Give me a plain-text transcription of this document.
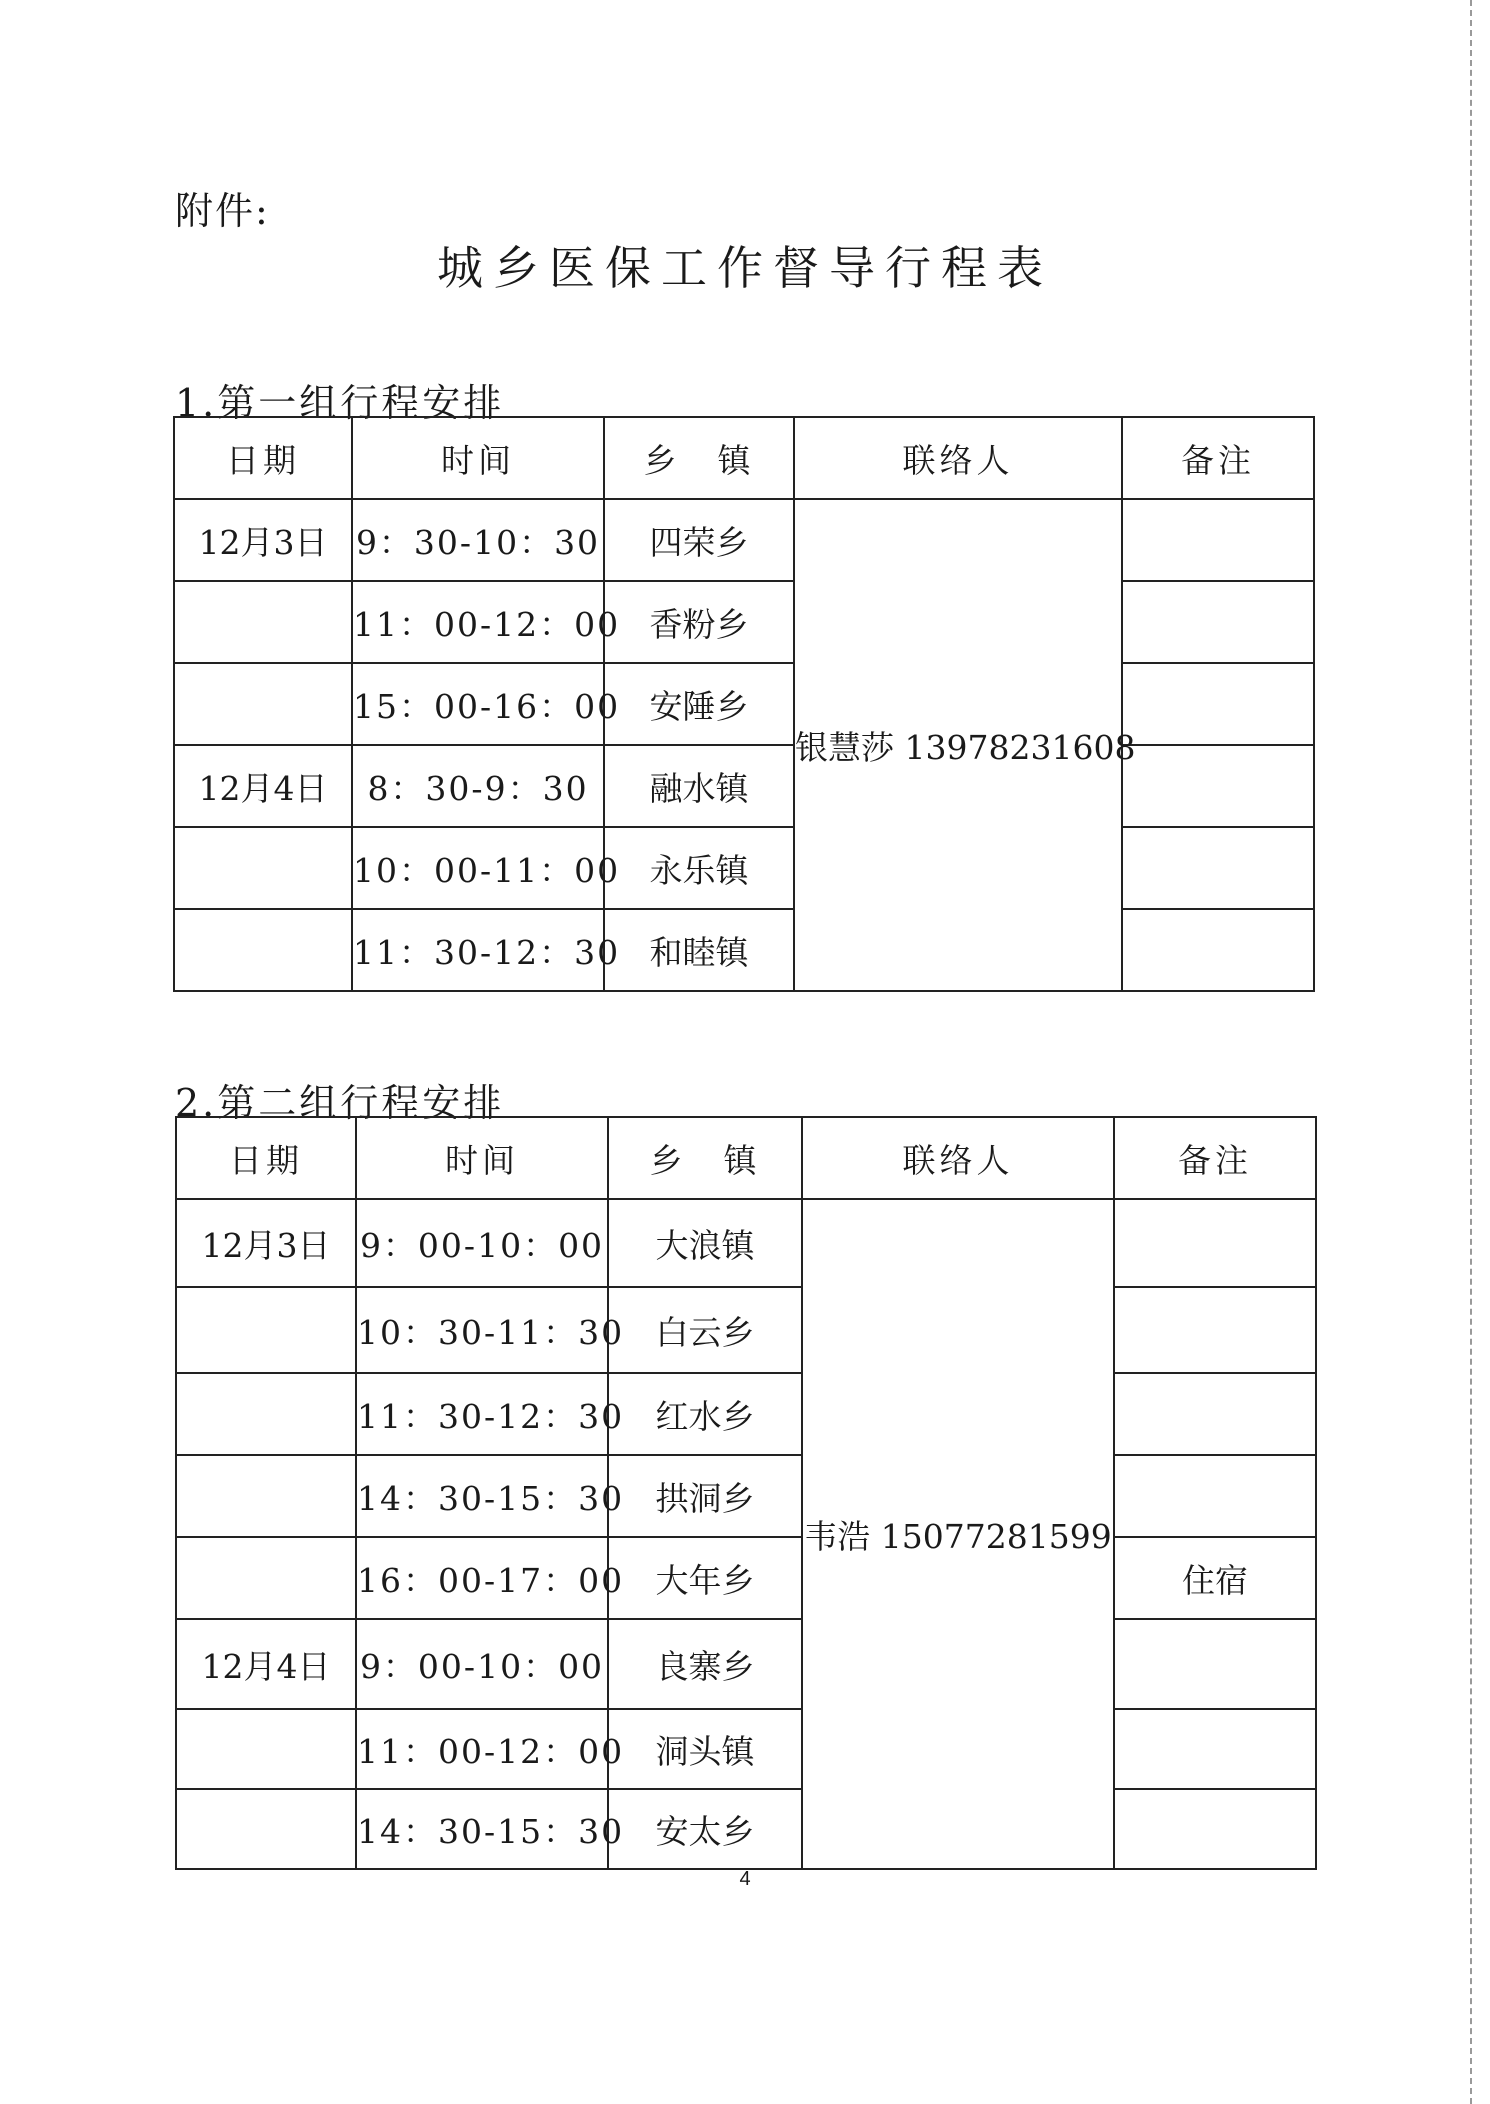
附件:
城乡医保工作督导行程表
1.第一组行程安排
日期	时间	乡　镇	联络人	备注
12月3日	9：30-10：30	四荣乡	银慧莎 13978231608	
	11：00-12：00	香粉乡		
	15：00-16：00	安陲乡		
12月4日	8：30-9：30	融水镇		
	10：00-11：00	永乐镇		
	11：30-12：30	和睦镇		
2.第二组行程安排
日期	时间	乡　镇	联络人	备注
12月3日	9：00-10：00	大浪镇	韦浩 15077281599	
	10：30-11：30	白云乡		
	11：30-12：30	红水乡		
	14：30-15：30	拱洞乡		
	16：00-17：00	大年乡		住宿
12月4日	9：00-10：00	良寨乡		
	11：00-12：00	洞头镇		
	14：30-15：30	安太乡		
4
